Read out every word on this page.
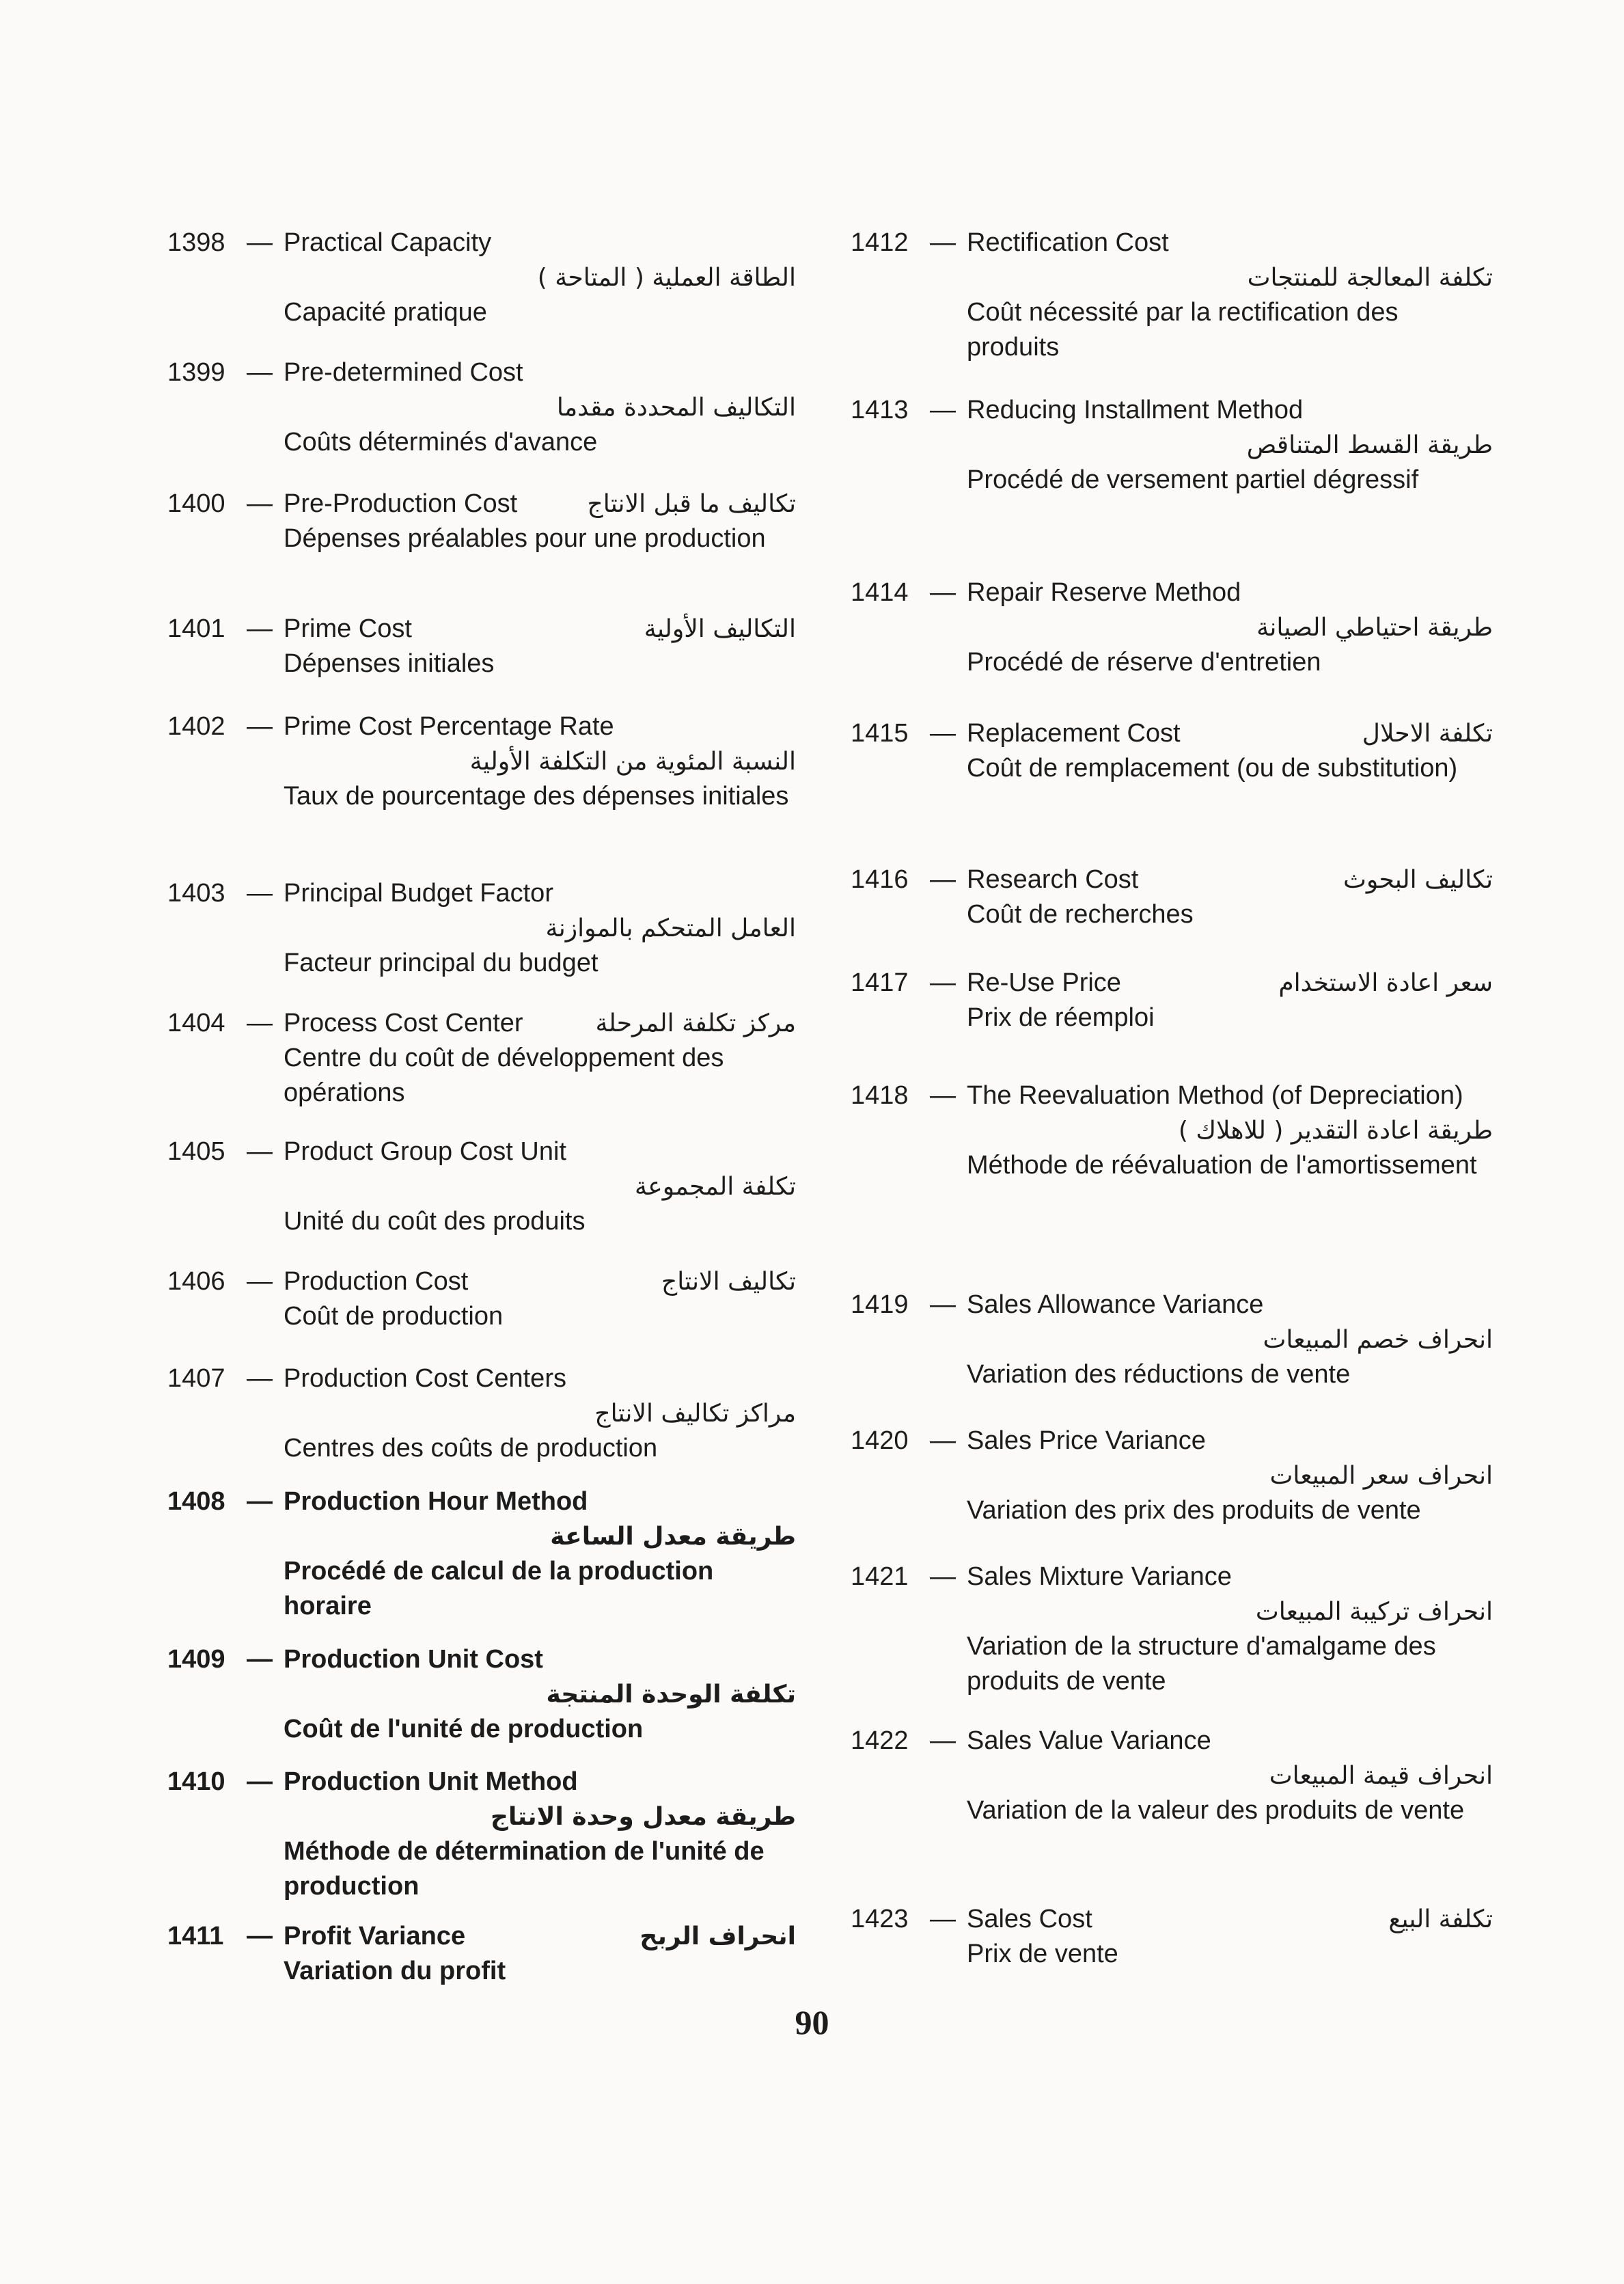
1398 — Practical Capacity
الطاقة العملية ( المتاحة )
Capacité pratique
1399 — Pre-determined Cost
التكاليف المحددة مقدما
Coûts déterminés d'avance
1400 — Pre-Production Cost	تكاليف ما قبل الانتاج
Dépenses préalables pour une production
1401 — Prime Cost	التكاليف الأولية
Dépenses initiales
1402 — Prime Cost Percentage Rate
النسبة المئوية من التكلفة الأولية
Taux de pourcentage des dépenses initiales
1403 — Principal Budget Factor
العامل المتحكم بالموازنة
Facteur principal du budget
1404 — Process Cost Center	مركز تكلفة المرحلة
Centre du coût de développement des opérations
1405 — Product Group Cost Unit
تكلفة المجموعة
Unité du coût des produits
1406 — Production Cost	تكاليف الانتاج
Coût de production
1407 — Production Cost Centers
مراكز تكاليف الانتاج
Centres des coûts de production
1408 — Production Hour Method
طريقة معدل الساعة
Procédé de calcul de la production horaire
1409 — Production Unit Cost
تكلفة الوحدة المنتجة
Coût de l'unité de production
1410 — Production Unit Method
طريقة معدل وحدة الانتاج
Méthode de détermination de l'unité de production
1411 — Profit Variance	انحراف الربح
Variation du profit
1412 — Rectification Cost
تكلفة المعالجة للمنتجات
Coût nécessité par la rectification des produits
1413 — Reducing Installment Method
طريقة القسط المتناقص
Procédé de versement partiel dégressif
1414 — Repair Reserve Method
طريقة احتياطي الصيانة
Procédé de réserve d'entretien
1415 — Replacement Cost	تكلفة الاحلال
Coût de remplacement (ou de substitution)
1416 — Research Cost	تكاليف البحوث
Coût de recherches
1417 — Re-Use Price	سعر اعادة الاستخدام
Prix de réemploi
1418 — The Reevaluation Method (of Depreciation)
طريقة اعادة التقدير ( للاهلاك )
Méthode de réévaluation de l'amortissement
1419 — Sales Allowance Variance
انحراف خصم المبيعات
Variation des réductions de vente
1420 — Sales Price Variance
انحراف سعر المبيعات
Variation des prix des produits de vente
1421 — Sales Mixture Variance
انحراف تركيبة المبيعات
Variation de la structure d'amalgame des produits de vente
1422 — Sales Value Variance
انحراف قيمة المبيعات
Variation de la valeur des produits de vente
1423 — Sales Cost	تكلفة البيع
Prix de vente
90
